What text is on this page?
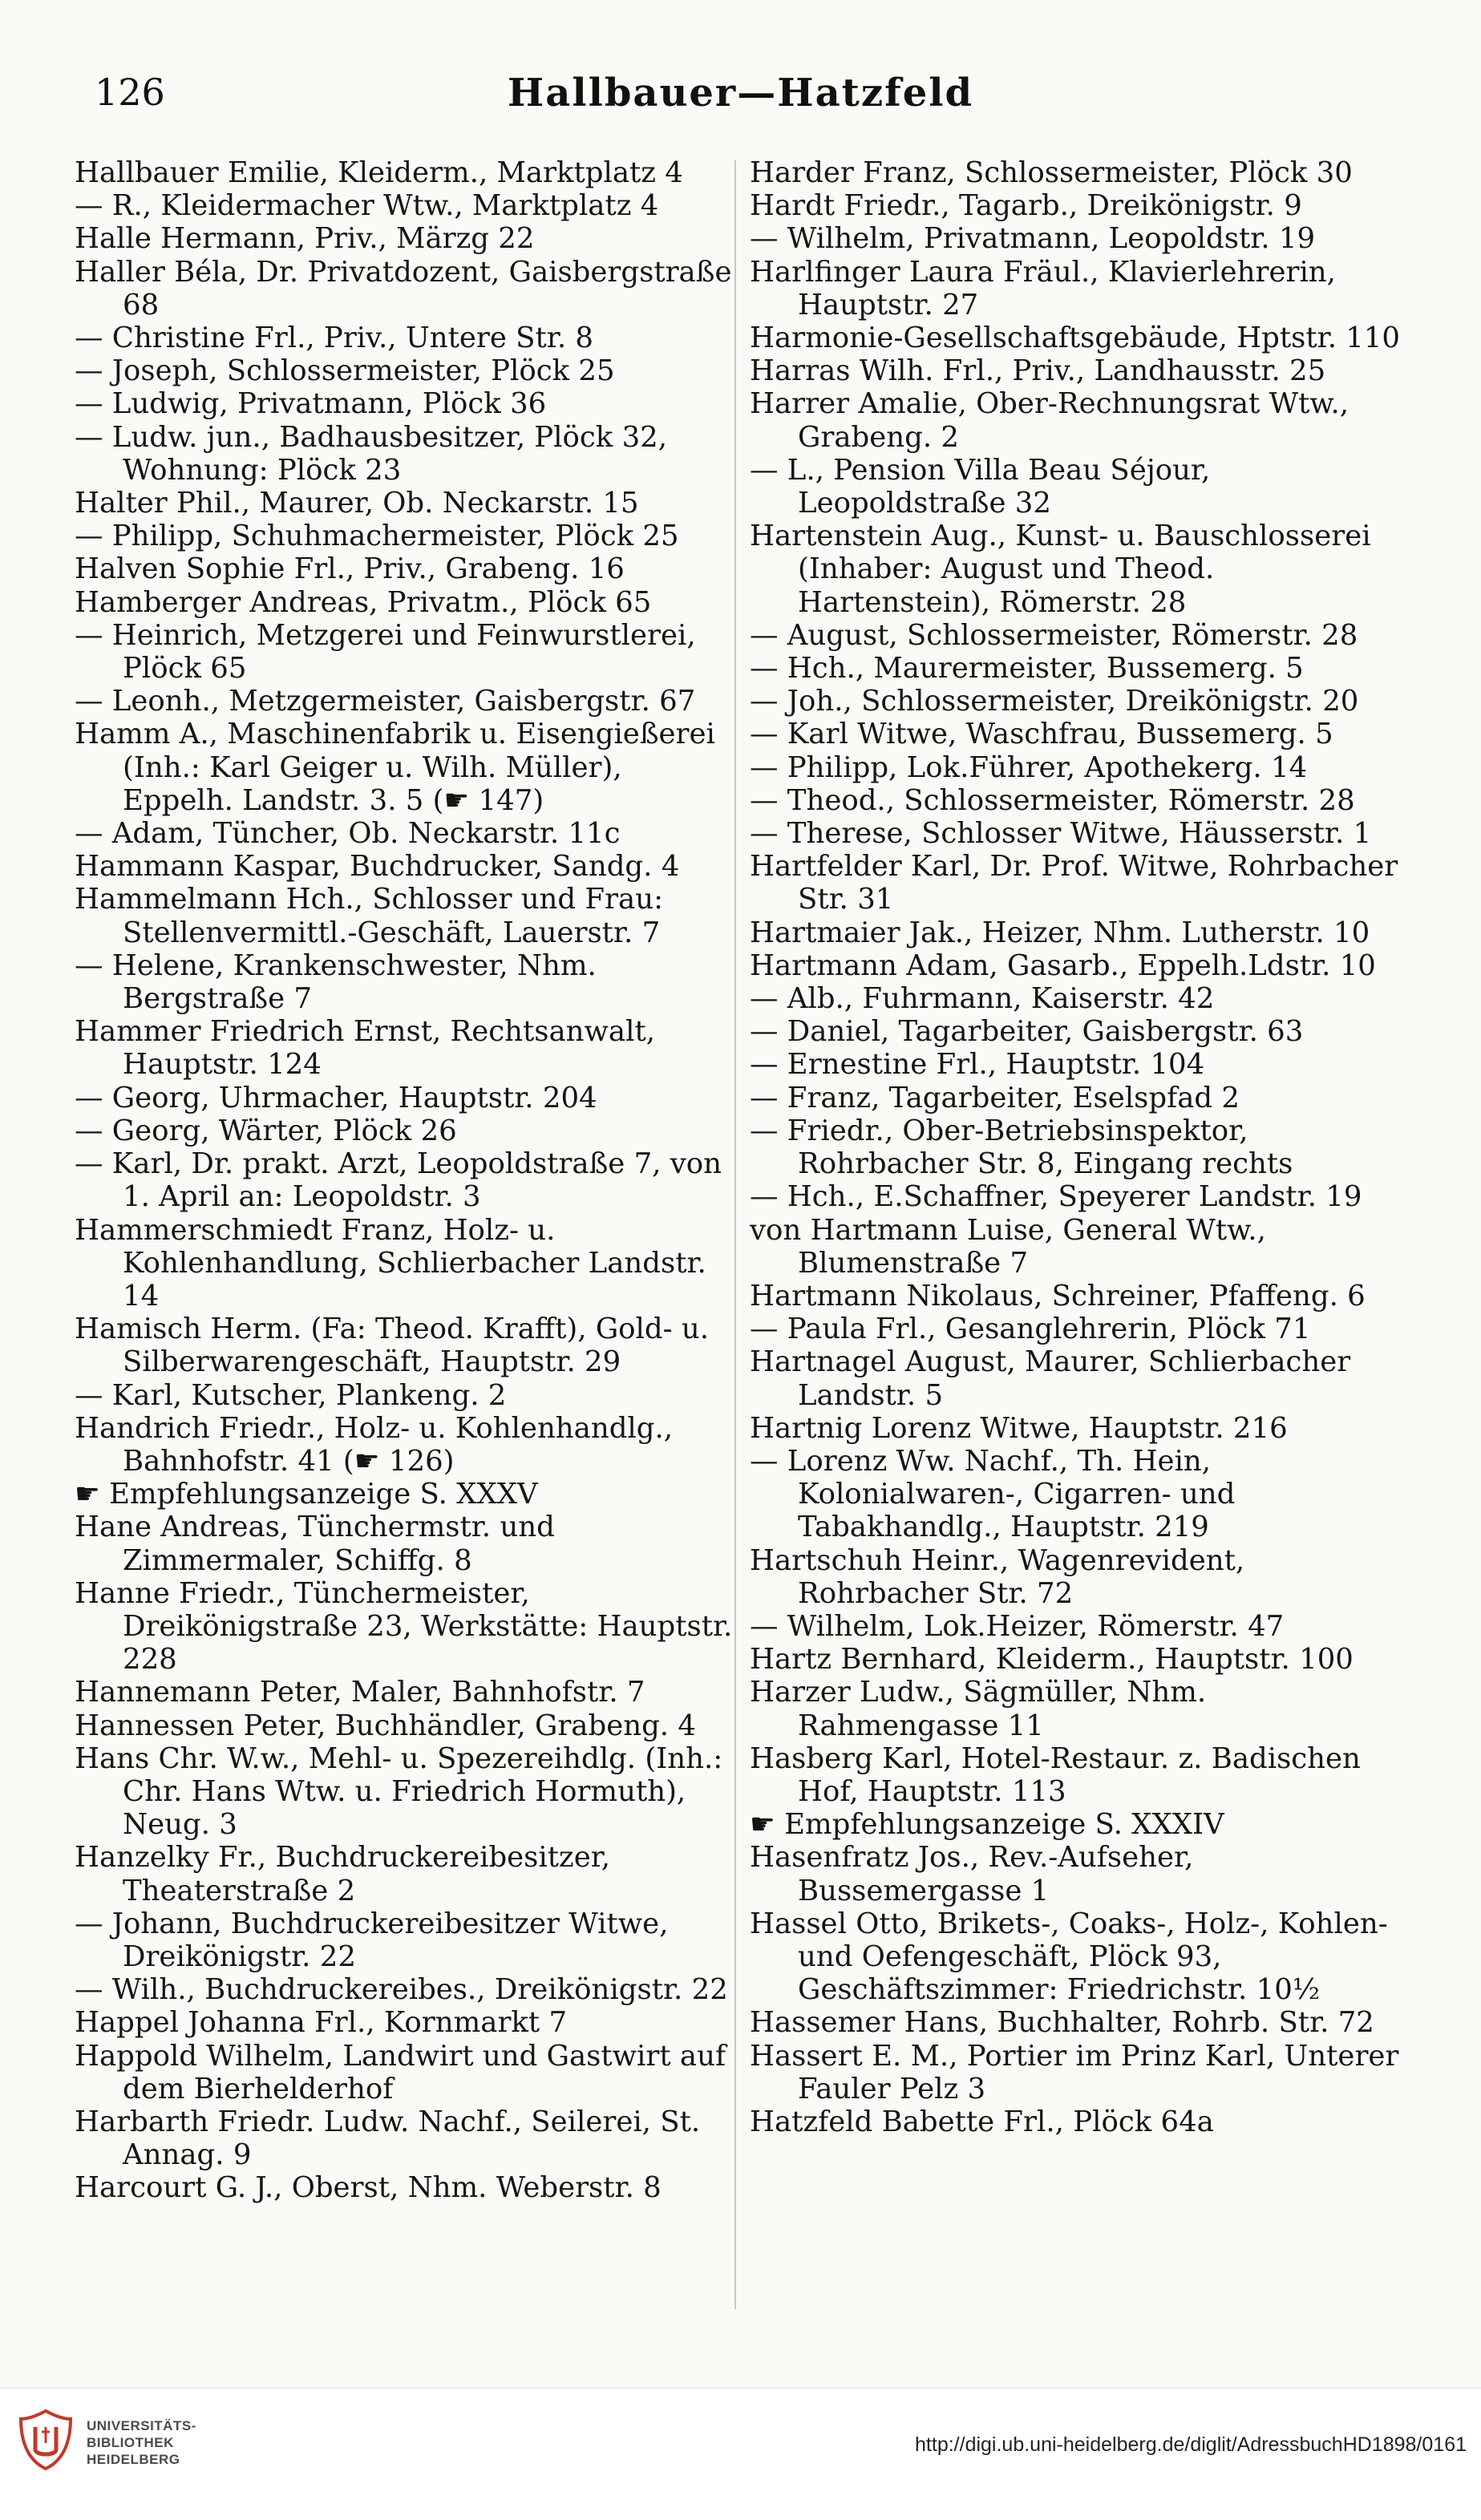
126	Hallbauer—Hatzfeld
Hallbauer Emilie, Kleiderm., Marktplatz 4
— R., Kleidermacher Wtw., Marktplatz 4
Halle Hermann, Priv., Märzg 22
Haller Béla, Dr. Privatdozent, Gaisbergstraße 68
— Christine Frl., Priv., Untere Str. 8
— Joseph, Schlossermeister, Plöck 25
— Ludwig, Privatmann, Plöck 36
— Ludw. jun., Badhausbesitzer, Plöck 32, Wohnung: Plöck 23
Halter Phil., Maurer, Ob. Neckarstr. 15
— Philipp, Schuhmachermeister, Plöck 25
Halven Sophie Frl., Priv., Grabeng. 16
Hamberger Andreas, Privatm., Plöck 65
— Heinrich, Metzgerei und Feinwurstlerei, Plöck 65
— Leonh., Metzgermeister, Gaisbergstr. 67
Hamm A., Maschinenfabrik u. Eisengießerei (Inh.: Karl Geiger u. Wilh. Müller), Eppelh. Landstr. 3. 5 (☛ 147)
— Adam, Tüncher, Ob. Neckarstr. 11c
Hammann Kaspar, Buchdrucker, Sandg. 4
Hammelmann Hch., Schlosser und Frau: Stellenvermittl.-Geschäft, Lauerstr. 7
— Helene, Krankenschwester, Nhm. Bergstraße 7
Hammer Friedrich Ernst, Rechtsanwalt, Hauptstr. 124
— Georg, Uhrmacher, Hauptstr. 204
— Georg, Wärter, Plöck 26
— Karl, Dr. prakt. Arzt, Leopoldstraße 7, von 1. April an: Leopoldstr. 3
Hammerschmiedt Franz, Holz- u. Kohlenhandlung, Schlierbacher Landstr. 14
Hamisch Herm. (Fa: Theod. Krafft), Gold- u. Silberwarengeschäft, Hauptstr. 29
— Karl, Kutscher, Plankeng. 2
Handrich Friedr., Holz- u. Kohlenhandlg., Bahnhofstr. 41 (☛ 126)
☛ Empfehlungsanzeige S. XXXV
Hane Andreas, Tünchermstr. und Zimmermaler, Schiffg. 8
Hanne Friedr., Tünchermeister, Dreikönigstraße 23, Werkstätte: Hauptstr. 228
Hannemann Peter, Maler, Bahnhofstr. 7
Hannessen Peter, Buchhändler, Grabeng. 4
Hans Chr. W.w., Mehl- u. Spezereihdlg. (Inh.: Chr. Hans Wtw. u. Friedrich Hormuth), Neug. 3
Hanzelky Fr., Buchdruckereibesitzer, Theaterstraße 2
— Johann, Buchdruckereibesitzer Witwe, Dreikönigstr. 22
— Wilh., Buchdruckereibes., Dreikönigstr. 22
Happel Johanna Frl., Kornmarkt 7
Happold Wilhelm, Landwirt und Gastwirt auf dem Bierhelderhof
Harbarth Friedr. Ludw. Nachf., Seilerei, St. Annag. 9
Harcourt G. J., Oberst, Nhm. Weberstr. 8
Harder Franz, Schlossermeister, Plöck 30
Hardt Friedr., Tagarb., Dreikönigstr. 9
— Wilhelm, Privatmann, Leopoldstr. 19
Harlfinger Laura Fräul., Klavierlehrerin, Hauptstr. 27
Harmonie-Gesellschaftsgebäude, Hptstr. 110
Harras Wilh. Frl., Priv., Landhausstr. 25
Harrer Amalie, Ober-Rechnungsrat Wtw., Grabeng. 2
— L., Pension Villa Beau Séjour, Leopoldstraße 32
Hartenstein Aug., Kunst- u. Bauschlosserei (Inhaber: August und Theod. Hartenstein), Römerstr. 28
— August, Schlossermeister, Römerstr. 28
— Hch., Maurermeister, Bussemerg. 5
— Joh., Schlossermeister, Dreikönigstr. 20
— Karl Witwe, Waschfrau, Bussemerg. 5
— Philipp, Lok.Führer, Apothekerg. 14
— Theod., Schlossermeister, Römerstr. 28
— Therese, Schlosser Witwe, Häusserstr. 1
Hartfelder Karl, Dr. Prof. Witwe, Rohrbacher Str. 31
Hartmaier Jak., Heizer, Nhm. Lutherstr. 10
Hartmann Adam, Gasarb., Eppelh.Ldstr. 10
— Alb., Fuhrmann, Kaiserstr. 42
— Daniel, Tagarbeiter, Gaisbergstr. 63
— Ernestine Frl., Hauptstr. 104
— Franz, Tagarbeiter, Eselspfad 2
— Friedr., Ober-Betriebsinspektor, Rohrbacher Str. 8, Eingang rechts
— Hch., E.Schaffner, Speyerer Landstr. 19
von Hartmann Luise, General Wtw., Blumenstraße 7
Hartmann Nikolaus, Schreiner, Pfaffeng. 6
— Paula Frl., Gesanglehrerin, Plöck 71
Hartnagel August, Maurer, Schlierbacher Landstr. 5
Hartnig Lorenz Witwe, Hauptstr. 216
— Lorenz Ww. Nachf., Th. Hein, Kolonialwaren-, Cigarren- und Tabakhandlg., Hauptstr. 219
Hartschuh Heinr., Wagenrevident, Rohrbacher Str. 72
— Wilhelm, Lok.Heizer, Römerstr. 47
Hartz Bernhard, Kleiderm., Hauptstr. 100
Harzer Ludw., Sägmüller, Nhm. Rahmengasse 11
Hasberg Karl, Hotel-Restaur. z. Badischen Hof, Hauptstr. 113
☛ Empfehlungsanzeige S. XXXIV
Hasenfratz Jos., Rev.-Aufseher, Bussemergasse 1
Hassel Otto, Brikets-, Coaks-, Holz-, Kohlen- und Oefengeschäft, Plöck 93, Geschäftszimmer: Friedrichstr. 10½
Hassemer Hans, Buchhalter, Rohrb. Str. 72
Hassert E. M., Portier im Prinz Karl, Unterer Fauler Pelz 3
Hatzfeld Babette Frl., Plöck 64a
UNIVERSITÄTS-
BIBLIOTHEK
HEIDELBERG
http://digi.ub.uni-heidelberg.de/diglit/AdressbuchHD1898/0161
